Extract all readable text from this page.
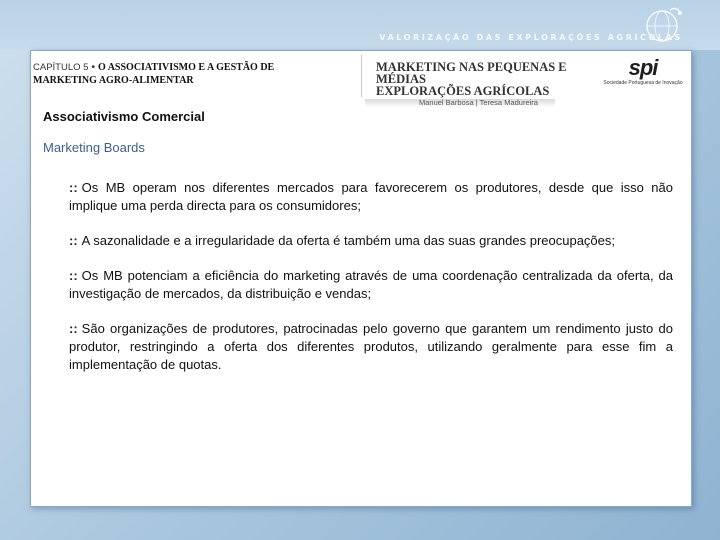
VALORIZAÇÃO DAS EXPLORAÇÕES AGRÍCOLAS
CAPÍTULO 5 • O ASSOCIATIVISMO E A GESTÃO DE
MARKETING AGRO-ALIMENTAR
MARKETING NAS PEQUENAS E MÉDIAS
EXPLORAÇÕES AGRÍCOLAS
Manuel Barbosa | Teresa Madureira
spi
Sociedade Portuguesa de Inovação
Associativismo Comercial
Marketing Boards

:: Os MB operam nos diferentes mercados para favorecerem os produtores, desde que isso não implique uma perda directa para os consumidores;

:: A sazonalidade e a irregularidade da oferta é também uma das suas grandes preocupações;

:: Os MB potenciam a eficiência do marketing através de uma coordenação centralizada da oferta, da investigação de mercados, da distribuição e vendas;

:: São organizações de produtores, patrocinadas pelo governo que garantem um rendimento justo do produtor, restringindo a oferta dos diferentes produtos, utilizando geralmente para esse fim a implementação de quotas.
